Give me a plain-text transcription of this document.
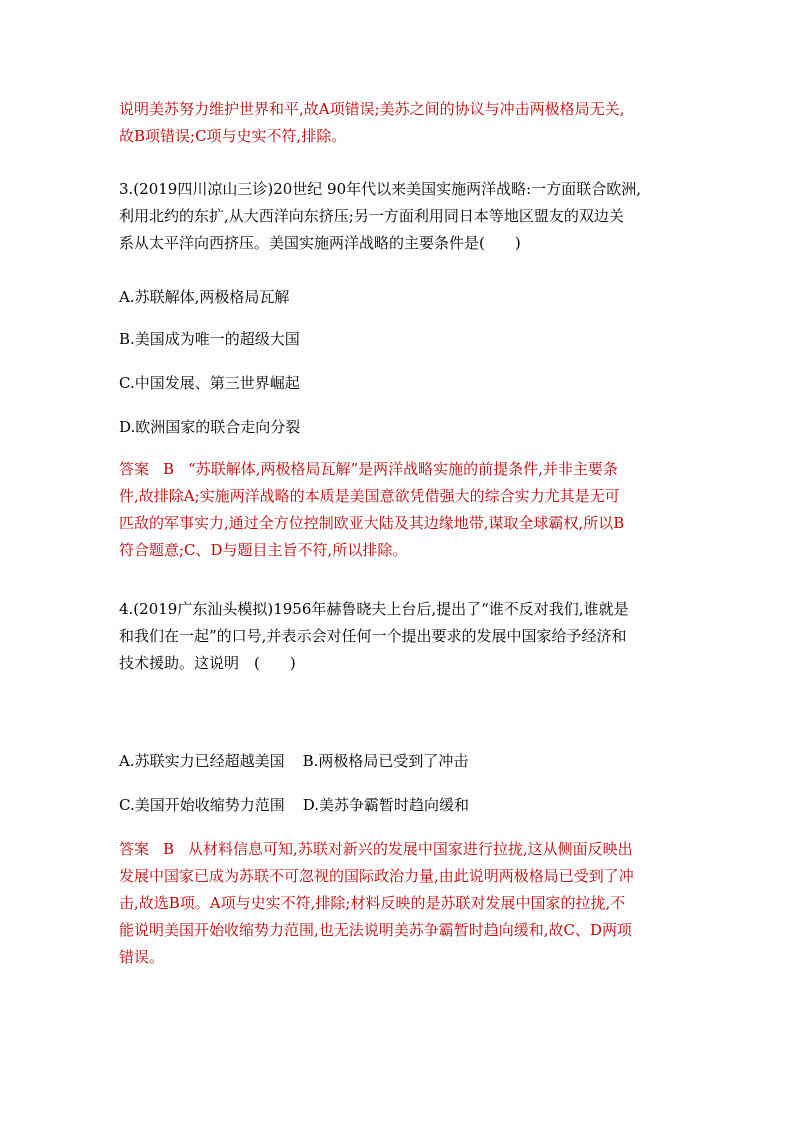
说明美苏努力维护世界和平,故A项错误;美苏之间的协议与冲击两极格局无关,
故B项错误;C项与史实不符,排除。
3.(2019四川凉山三诊)20世纪 90年代以来美国实施两洋战略:一方面联合欧洲,
利用北约的东扩,从大西洋向东挤压;另一方面利用同日本等地区盟友的双边关
系从太平洋向西挤压。美国实施两洋战略的主要条件是(　　)
A.苏联解体,两极格局瓦解
B.美国成为唯一的超级大国
C.中国发展、第三世界崛起
D.欧洲国家的联合走向分裂
答案 B “苏联解体,两极格局瓦解”是两洋战略实施的前提条件,并非主要条
件,故排除A;实施两洋战略的本质是美国意欲凭借强大的综合实力尤其是无可
匹敌的军事实力,通过全方位控制欧亚大陆及其边缘地带,谋取全球霸权,所以B
符合题意;C、D与题目主旨不符,所以排除。
4.(2019广东汕头模拟)1956年赫鲁晓夫上台后,提出了“谁不反对我们,谁就是
和我们在一起”的口号,并表示会对任何一个提出要求的发展中国家给予经济和
技术援助。这说明　(　　)
A.苏联实力已经超越美国 B.两极格局已受到了冲击
C.美国开始收缩势力范围 D.美苏争霸暂时趋向缓和
答案 B 从材料信息可知,苏联对新兴的发展中国家进行拉拢,这从侧面反映出
发展中国家已成为苏联不可忽视的国际政治力量,由此说明两极格局已受到了冲
击,故选B项。A项与史实不符,排除;材料反映的是苏联对发展中国家的拉拢,不
能说明美国开始收缩势力范围,也无法说明美苏争霸暂时趋向缓和,故C、D两项
错误。
